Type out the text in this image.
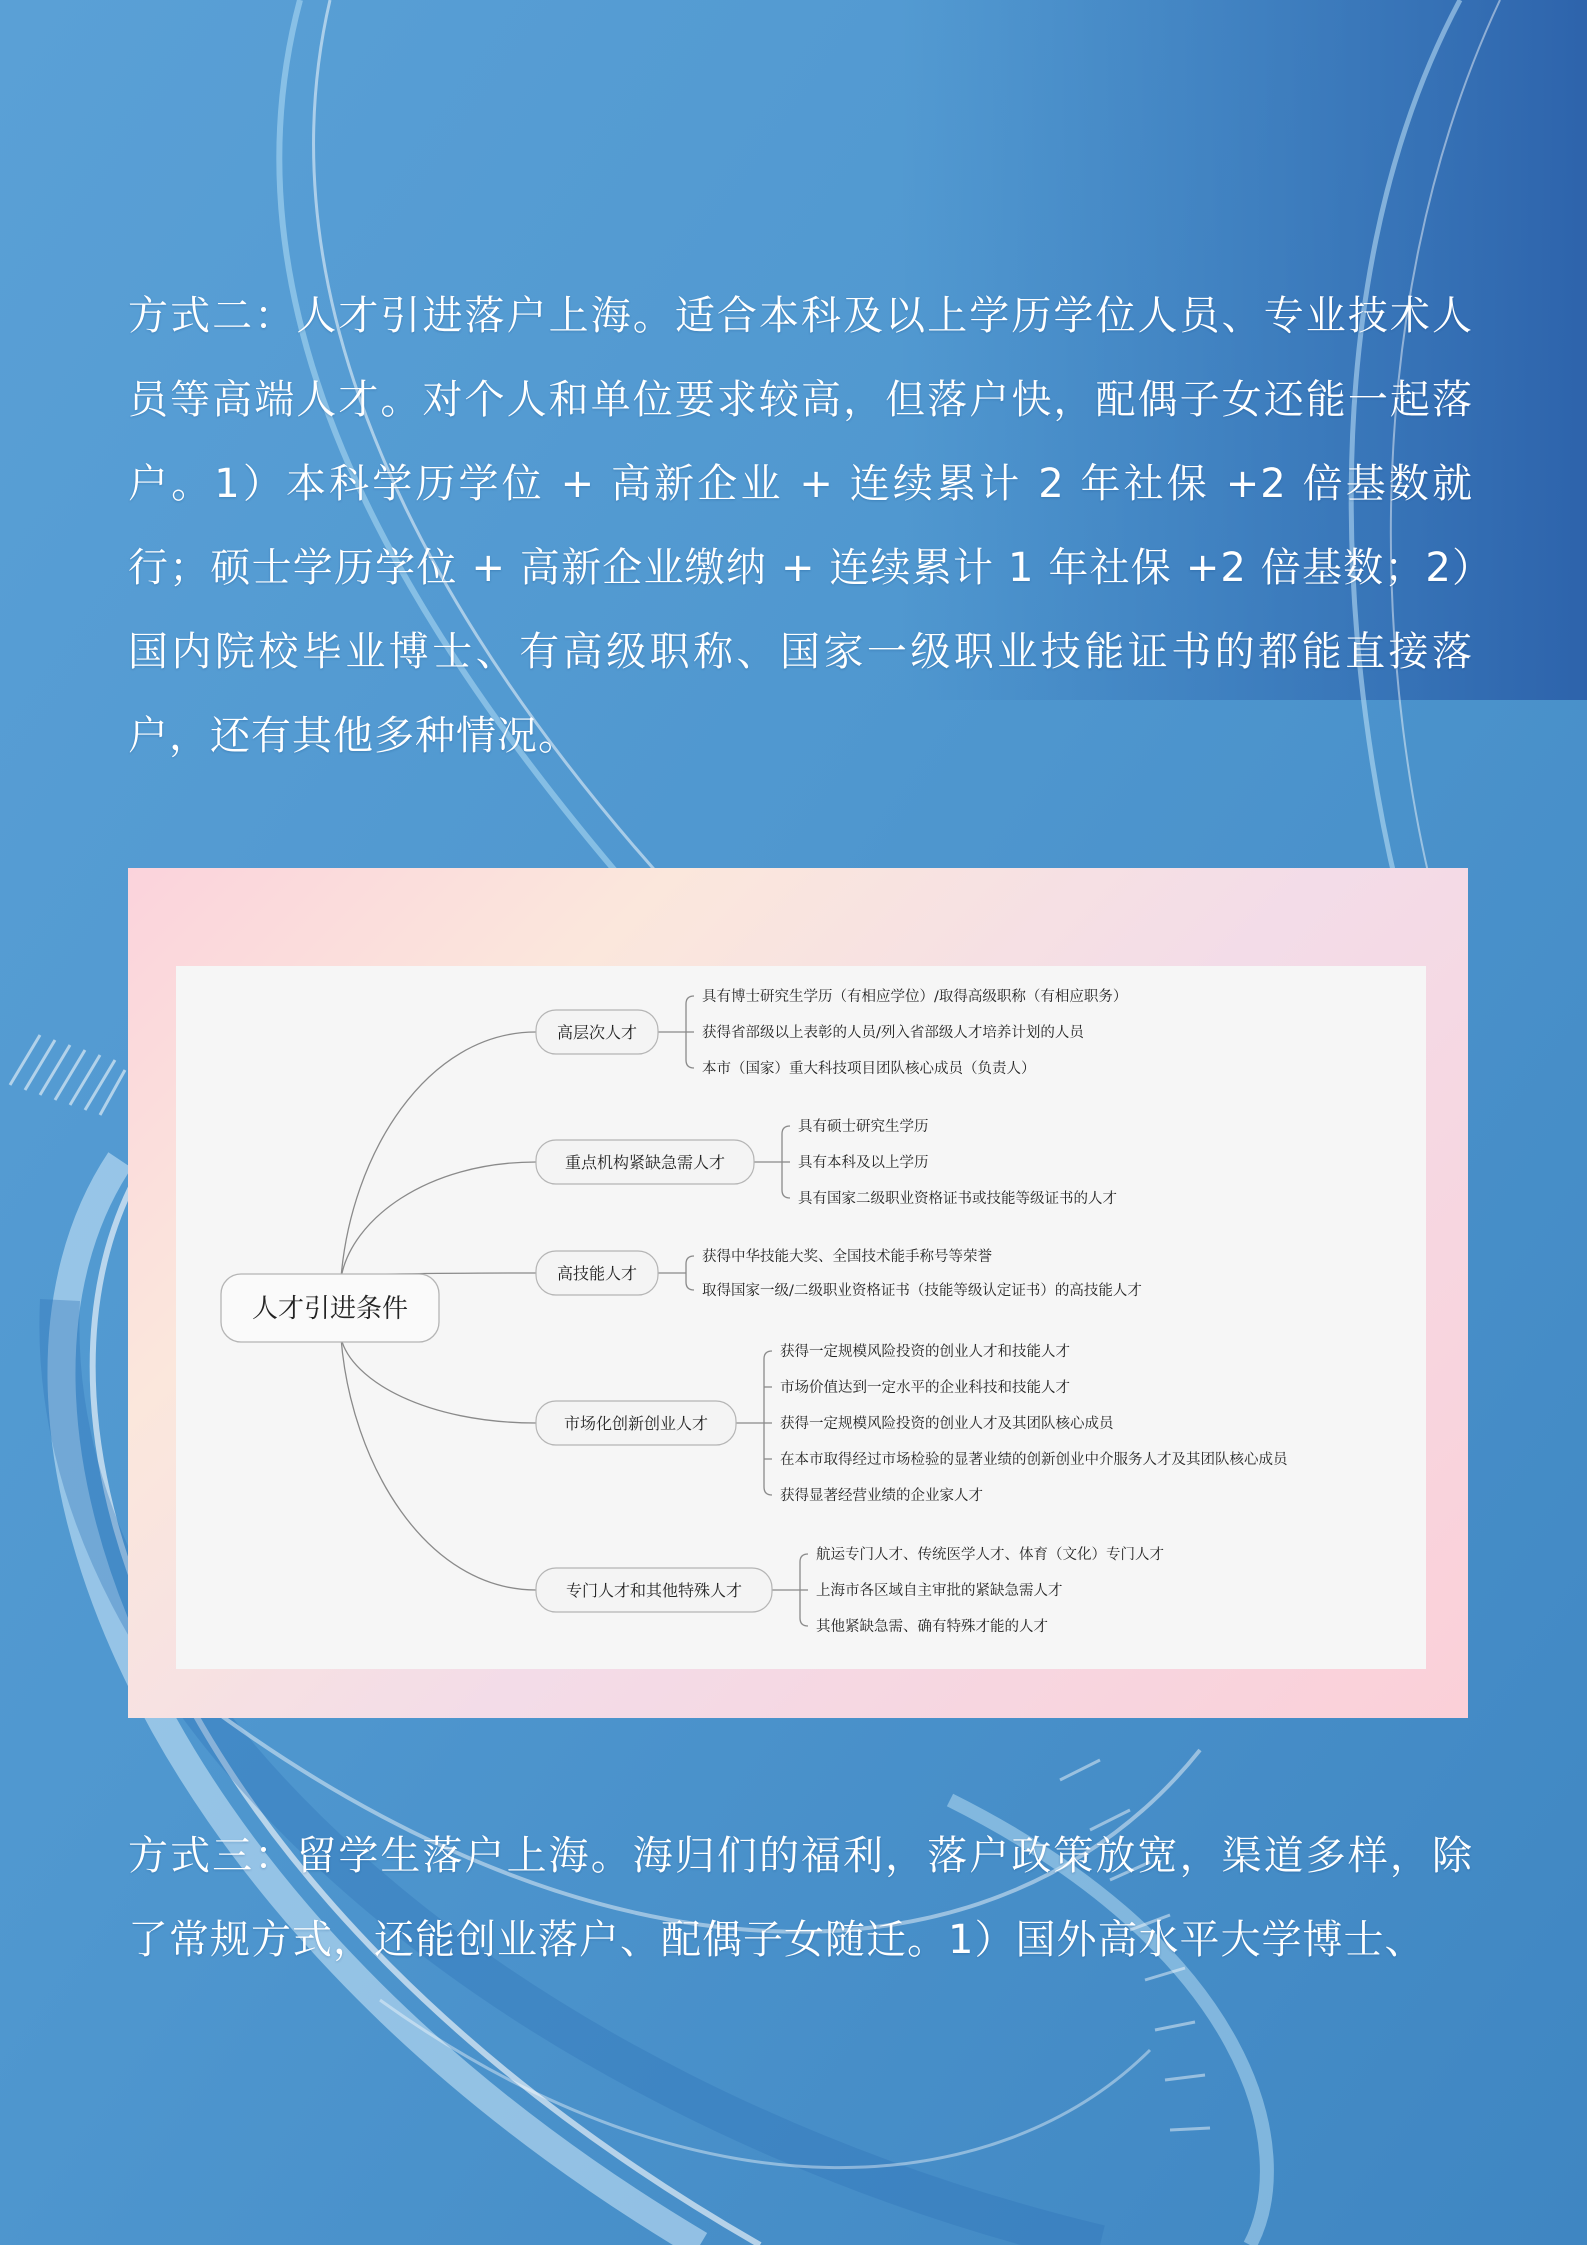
方式二：人才引进落户上海。适合本科及以上学历学位人员、专业技术人员等高端人才。对个人和单位要求较高，但落户快，配偶子女还能一起落户。1）本科学历学位 + 高新企业 + 连续累计 2 年社保 +2 倍基数就行；硕士学历学位 + 高新企业缴纳 + 连续累计 1 年社保 +2 倍基数；2）国内院校毕业博士、有高级职称、国家一级职业技能证书的都能直接落户，还有其他多种情况。

人才引进条件
高层次人才
具有博士研究生学历（有相应学位）/取得高级职称（有相应职务）
获得省部级以上表彰的人员/列入省部级人才培养计划的人员
本市（国家）重大科技项目团队核心成员（负责人）
重点机构紧缺急需人才
具有硕士研究生学历
具有本科及以上学历
具有国家二级职业资格证书或技能等级证书的人才
高技能人才
获得中华技能大奖、全国技术能手称号等荣誉
取得国家一级/二级职业资格证书（技能等级认定证书）的高技能人才
市场化创新创业人才
获得一定规模风险投资的创业人才和技能人才
市场价值达到一定水平的企业科技和技能人才
获得一定规模风险投资的创业人才及其团队核心成员
在本市取得经过市场检验的显著业绩的创新创业中介服务人才及其团队核心成员
获得显著经营业绩的企业家人才
专门人才和其他特殊人才
航运专门人才、传统医学人才、体育（文化）专门人才
上海市各区域自主审批的紧缺急需人才
其他紧缺急需、确有特殊才能的人才

方式三：留学生落户上海。海归们的福利，落户政策放宽，渠道多样，除了常规方式，还能创业落户、配偶子女随迁。1）国外高水平大学博士、
